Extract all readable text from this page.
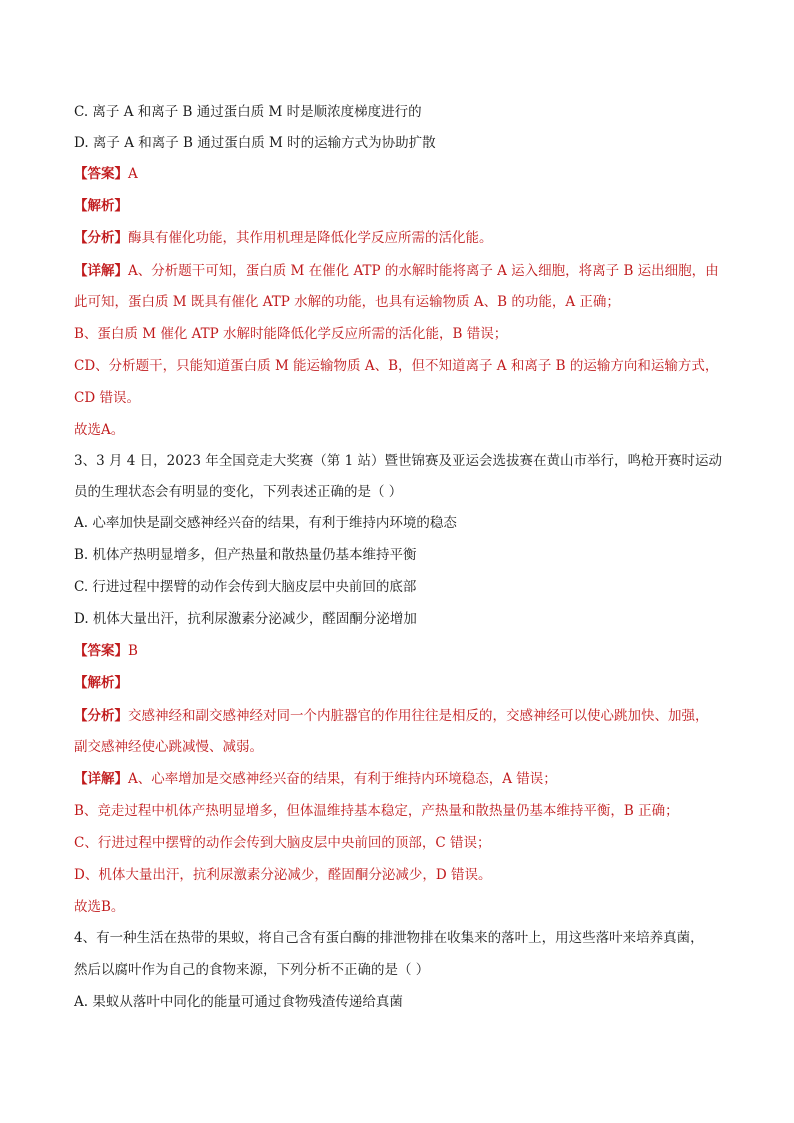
C. 离子 A 和离子 B 通过蛋白质 M 时是顺浓度梯度进行的
D. 离子 A 和离子 B 通过蛋白质 M 时的运输方式为协助扩散
【答案】A
【解析】
【分析】酶具有催化功能，其作用机理是降低化学反应所需的活化能。
【详解】A、分析题干可知，蛋白质 M 在催化 ATP 的水解时能将离子 A 运入细胞，将离子 B 运出细胞，由
此可知，蛋白质 M 既具有催化 ATP 水解的功能，也具有运输物质 A、B 的功能，A 正确；
B、蛋白质 M 催化 ATP 水解时能降低化学反应所需的活化能，B 错误；
CD、分析题干，只能知道蛋白质 M 能运输物质 A、B，但不知道离子 A 和离子 B 的运输方向和运输方式，
CD 错误。
故选A。
3、3 月 4 日，2023 年全国竞走大奖赛（第 1 站）暨世锦赛及亚运会选拔赛在黄山市举行，鸣枪开赛时运动
员的生理状态会有明显的变化，下列表述正确的是（ ）
A. 心率加快是副交感神经兴奋的结果，有利于维持内环境的稳态
B. 机体产热明显增多，但产热量和散热量仍基本维持平衡
C. 行进过程中摆臂的动作会传到大脑皮层中央前回的底部
D. 机体大量出汗，抗利尿激素分泌减少，醛固酮分泌增加
【答案】B
【解析】
【分析】交感神经和副交感神经对同一个内脏器官的作用往往是相反的，交感神经可以使心跳加快、加强，
副交感神经使心跳减慢、减弱。
【详解】A、心率增加是交感神经兴奋的结果，有利于维持内环境稳态，A 错误；
B、竞走过程中机体产热明显增多，但体温维持基本稳定，产热量和散热量仍基本维持平衡，B 正确；
C、行进过程中摆臂的动作会传到大脑皮层中央前回的顶部，C 错误；
D、机体大量出汗，抗利尿激素分泌减少，醛固酮分泌减少，D 错误。
故选B。
4、有一种生活在热带的果蚁，将自己含有蛋白酶的排泄物排在收集来的落叶上，用这些落叶来培养真菌，
然后以腐叶作为自己的食物来源，下列分析不正确的是（ ）
A. 果蚁从落叶中同化的能量可通过食物残渣传递给真菌
